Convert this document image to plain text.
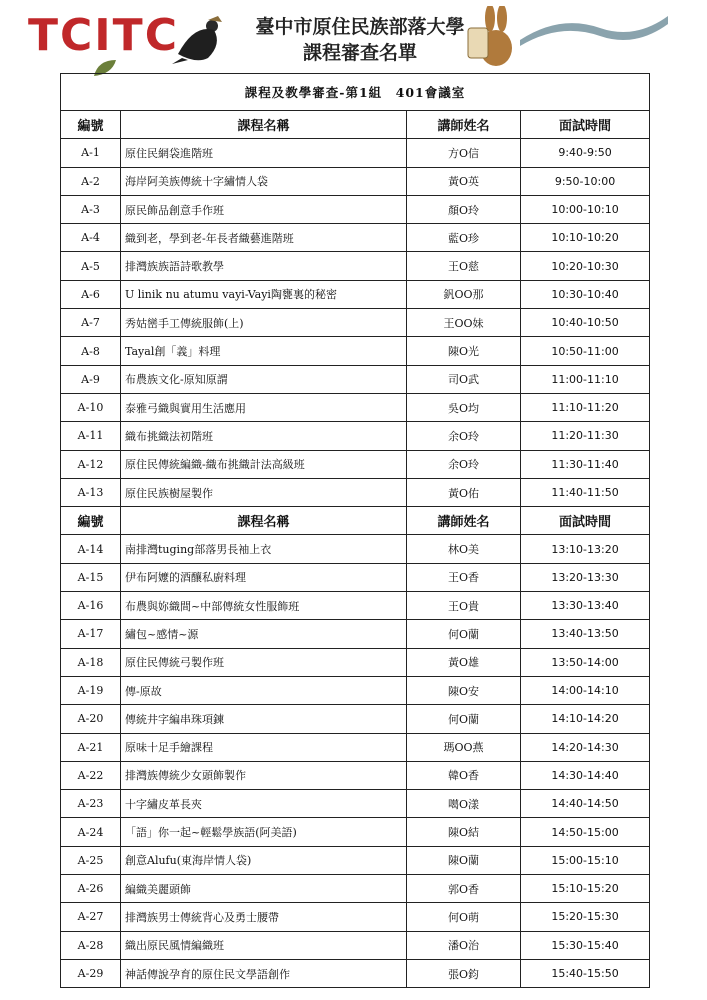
TCITC	臺中市原住民族部落大學
課程審查名單
課程及教學審查-第1組　401會議室			
編號	課程名稱	講師姓名	面試時間
A-1	原住民網袋進階班	方O信	9:40-9:50
A-2	海岸阿美族傳統十字繡情人袋	黃O英	9:50-10:00
A-3	原民飾品創意手作班	顏O玲	10:00-10:10
A-4	織到老，學到老-年長者織藝進階班	藍O珍	10:10-10:20
A-5	排灣族族語詩歌教學	王O慈	10:20-10:30
A-6	U linik nu atumu vayi-Vayi陶甕裏的秘密	釩OO那	10:30-10:40
A-7	秀姑巒手工傳統服飾(上)	王OO妹	10:40-10:50
A-8	Tayal創「義」料理	陳O光	10:50-11:00
A-9	布農族文化-原知原謂	司O武	11:00-11:10
A-10	泰雅弓織與實用生活應用	吳O均	11:10-11:20
A-11	織布挑織法初階班	余O玲	11:20-11:30
A-12	原住民傳統編織-織布挑織計法高級班	余O玲	11:30-11:40
A-13	原住民族樹屋製作	黃O佑	11:40-11:50
編號	課程名稱	講師姓名	面試時間
A-14	南排灣tuging部落男長袖上衣	林O美	13:10-13:20
A-15	伊布阿嬤的酒釀私廚料理	王O香	13:20-13:30
A-16	布農與妳織間~中部傳統女性服飾班	王O貴	13:30-13:40
A-17	繡包~感情~源	何O蘭	13:40-13:50
A-18	原住民傳統弓製作班	黃O雄	13:50-14:00
A-19	傳-原故	陳O安	14:00-14:10
A-20	傳統井字編串珠項鍊	何O蘭	14:10-14:20
A-21	原味十足手繪課程	瑪OO燕	14:20-14:30
A-22	排灣族傳統少女頭飾製作	韓O香	14:30-14:40
A-23	十字繡皮革長夾	噶O漾	14:40-14:50
A-24	「語」你一起~輕鬆學族語(阿美語)	陳O結	14:50-15:00
A-25	創意Alufu(東海岸情人袋)	陳O蘭	15:00-15:10
A-26	編織美麗頭飾	郭O香	15:10-15:20
A-27	排灣族男士傳統背心及勇士腰帶	何O萌	15:20-15:30
A-28	織出原民風情編織班	潘O治	15:30-15:40
A-29	神話傳說孕育的原住民文學語創作	張O鈞	15:40-15:50
